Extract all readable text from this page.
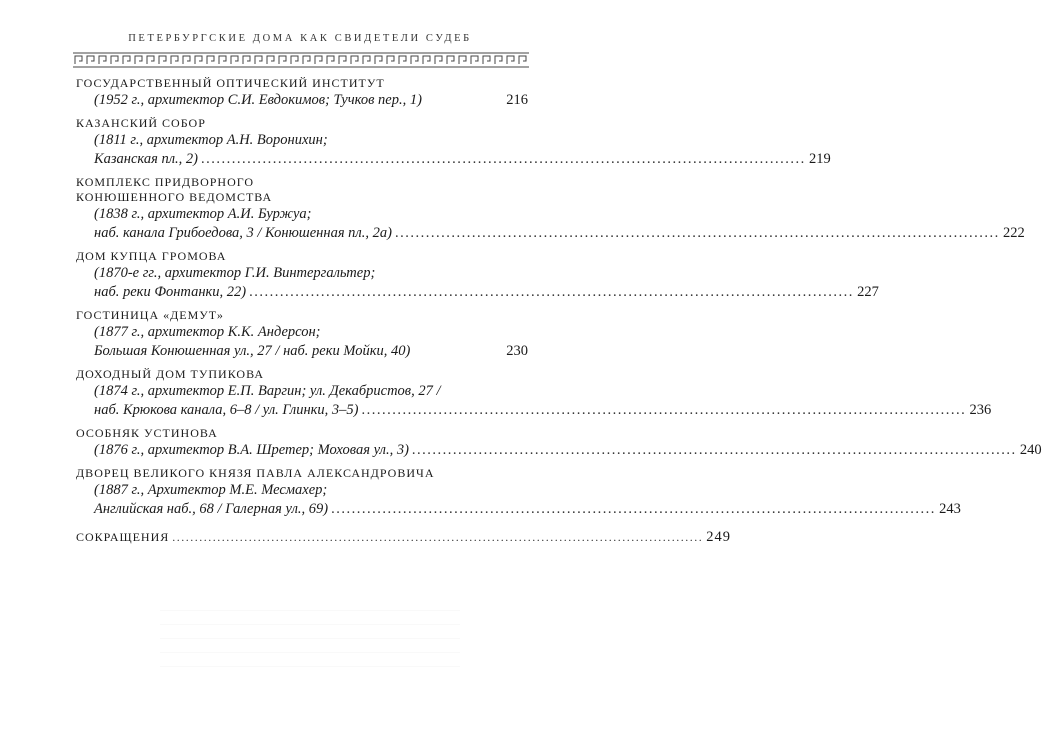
ПЕТЕРБУРГСКИЕ ДОМА КАК СВИДЕТЕЛИ СУДЕБ
ГОСУДАРСТВЕННЫЙ ОПТИЧЕСКИЙ ИНСТИТУТ
(1952 г., архитектор С.И. Евдокимов; Тучков пер., 1)	216
КАЗАНСКИЙ СОБОР
(1811 г., архитектор А.Н. Воронихин;
Казанская пл., 2) ...................................................................................................................... 219
КОМПЛЕКС ПРИДВОРНОГО
КОНЮШЕННОГО ВЕДОМСТВА
(1838 г., архитектор А.И. Буржуа;
наб. канала Грибоедова, 3 / Конюшенная пл., 2а) ...................................................................................................................... 222
ДОМ КУПЦА ГРОМОВА
(1870-е гг., архитектор Г.И. Винтергальтер;
наб. реки Фонтанки, 22) ...................................................................................................................... 227
ГОСТИНИЦА «ДЕМУТ»
(1877 г., архитектор К.К. Андерсон;
Большая Конюшенная ул., 27 / наб. реки Мойки, 40)	230
ДОХОДНЫЙ ДОМ ТУПИКОВА
(1874 г., архитектор Е.П. Варгин; ул. Декабристов, 27 /
наб. Крюкова канала, 6–8 / ул. Глинки, 3–5) ...................................................................................................................... 236
ОСОБНЯК УСТИНОВА
(1876 г., архитектор В.А. Шретер; Моховая ул., 3) ...................................................................................................................... 240
ДВОРЕЦ ВЕЛИКОГО КНЯЗЯ ПАВЛА АЛЕКСАНДРОВИЧА
(1887 г., Архитектор М.Е. Месмахер;
Английская наб., 68 / Галерная ул., 69) ...................................................................................................................... 243
СОКРАЩЕНИЯ ...................................................................................................................... 249
